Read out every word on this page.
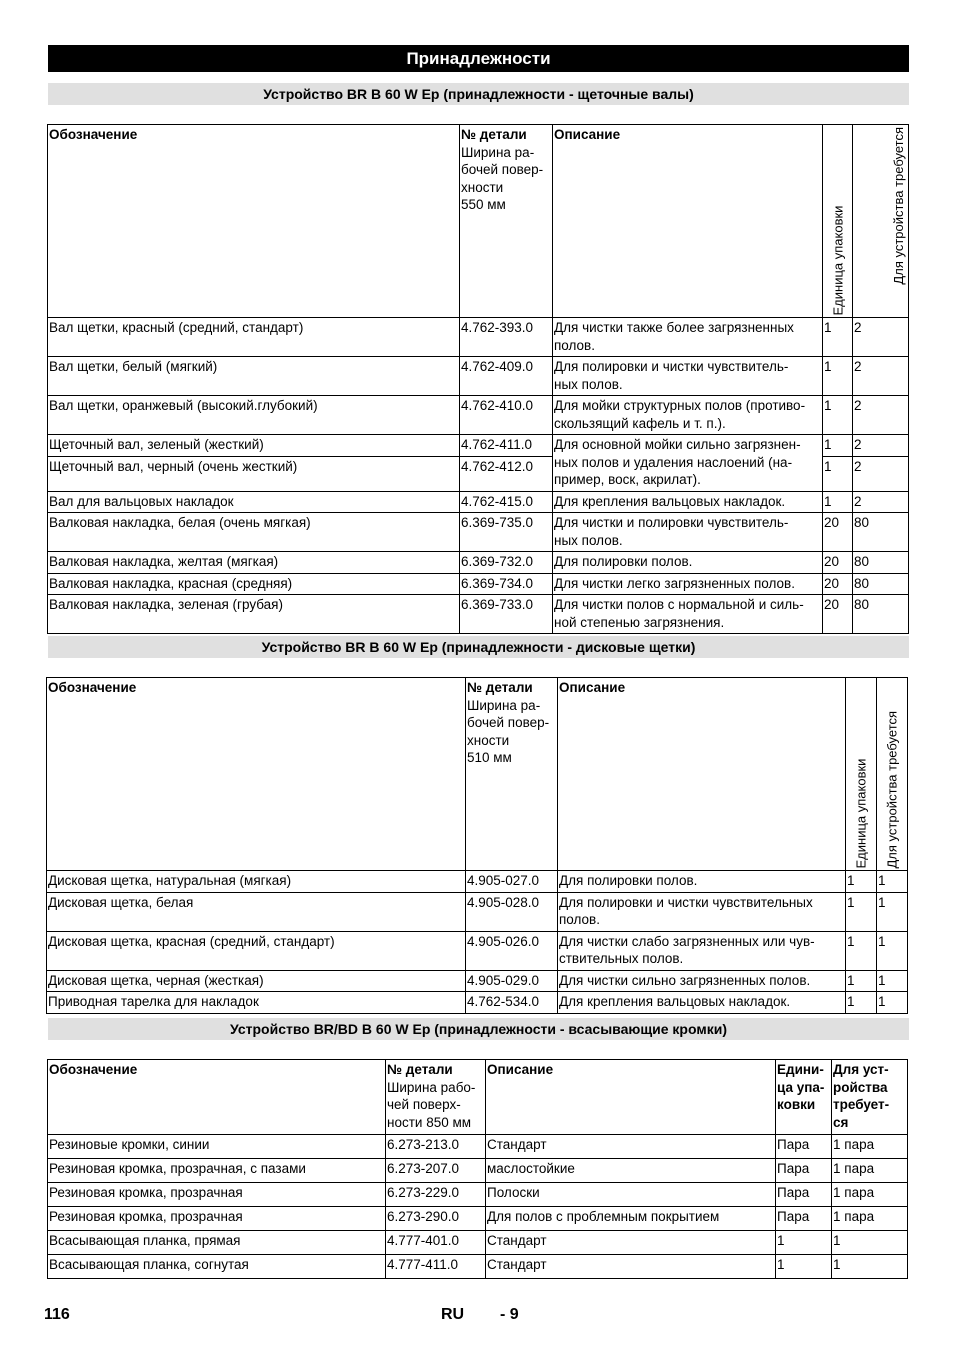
Принадлежности
Устройство BR B 60 W Ep (принадлежности - щеточные валы)
Обозначение	№ детали
Ширина ра-
бочей повер-
хности
550 мм	Описание	Единица упаковки	Для устройства требуется

Вал щетки, красный (средний, стандарт)	4.762-393.0	Для чистки также более загрязненных
полов.	1	2
Вал щетки, белый (мягкий)	4.762-409.0	Для полировки и чистки чувствитель-
ных полов.	1	2
Вал щетки, оранжевый (высокий.глубокий)	4.762-410.0	Для мойки структурных полов (противо-
скользящий кафель и т. п.).	1	2
Щеточный вал, зеленый (жесткий)	4.762-411.0	Для основной мойки сильно загрязнен-
ных полов и удаления наслоений (на-
пример, воск, акрилат).	1	2
Щеточный вал, черный (очень жесткий)	4.762-412.0		1	2
Вал для вальцовых накладок	4.762-415.0	Для крепления вальцовых накладок.	1	2
Валковая накладка, белая (очень мягкая)	6.369-735.0	Для чистки и полировки чувствитель-
ных полов.	20	80
Валковая накладка, желтая (мягкая)	6.369-732.0	Для полировки полов.	20	80
Валковая накладка, красная (средняя)	6.369-734.0	Для чистки легко загрязненных полов.	20	80
Валковая накладка, зеленая (грубая)	6.369-733.0	Для чистки полов с нормальной и силь-
ной степенью загрязнения.	20	80
Устройство BR B 60 W Ep (принадлежности - дисковые щетки)
Обозначение	№ детали
Ширина ра-
бочей повер-
хности
510 мм	Описание	Единица упаковки	Для устройства требуется

Дисковая щетка, натуральная (мягкая)	4.905-027.0	Для полировки полов.	1	1
Дисковая щетка, белая	4.905-028.0	Для полировки и чистки чувствительных
полов.	1	1
Дисковая щетка, красная (средний, стандарт)	4.905-026.0	Для чистки слабо загрязненных или чув-
ствительных полов.	1	1
Дисковая щетка, черная (жесткая)	4.905-029.0	Для чистки сильно загрязненных полов.	1	1
Приводная тарелка для накладок	4.762-534.0	Для крепления вальцовых накладок.	1	1
Устройство BR/BD B 60 W Ep (принадлежности - всасывающие кромки)
Обозначение	№ детали
Ширина рабо-
чей поверх-
ности 850 мм	Описание	Едини-
ца упа-
ковки	Для уст-
ройства
требует-
ся
Резиновые кромки, синии	6.273-213.0	Стандарт	Пара	1 пара
Резиновая кромка, прозрачная, с пазами	6.273-207.0	маслостойкие	Пара	1 пара
Резиновая кромка, прозрачная	6.273-229.0	Полоски	Пара	1 пара
Резиновая кромка, прозрачная	6.273-290.0	Для полов с проблемным покрытием	Пара	1 пара
Всасывающая планка, прямая	4.777-401.0	Стандарт	1	1
Всасывающая планка, согнутая	4.777-411.0	Стандарт	1	1
116	RU - 9
